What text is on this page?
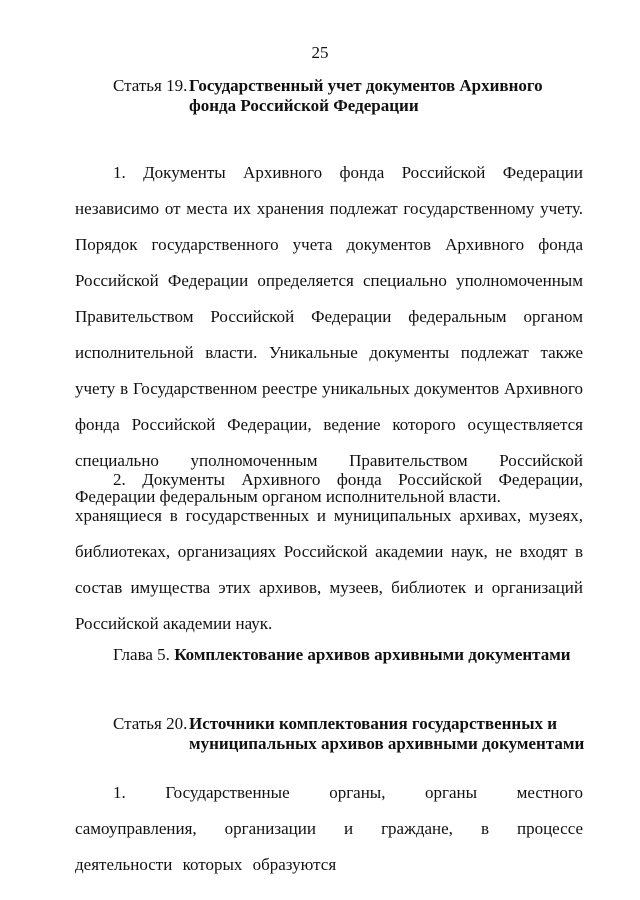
25
Статья 19. Государственный учет документов Архивного
фонда Российской Федерации

1. Документы Архивного фонда Российской Федерации независимо от места их хранения подлежат государственному учету. Порядок государственного учета документов Архивного фонда Российской Федерации определяется специально уполномоченным Правительством Российской Федерации федеральным органом исполнительной власти. Уникальные документы подлежат также учету в Государственном реестре уникальных документов Архивного фонда Российской Федерации, ведение которого осуществляется специально уполномоченным Правительством Российской Федерации федеральным органом исполнительной власти.

2. Документы Архивного фонда Российской Федерации, хранящиеся в государственных и муниципальных архивах, музеях, библиотеках, организациях Российской академии наук, не входят в состав имущества этих архивов, музеев, библиотек и организаций Российской академии наук.

Глава 5. Комплектование архивов архивными документами
Статья 20. Источники комплектования государственных и
муниципальных архивов архивными документами

1. Государственные органы, органы местного самоуправления, организации и граждане, в процессе деятельности которых образуются
